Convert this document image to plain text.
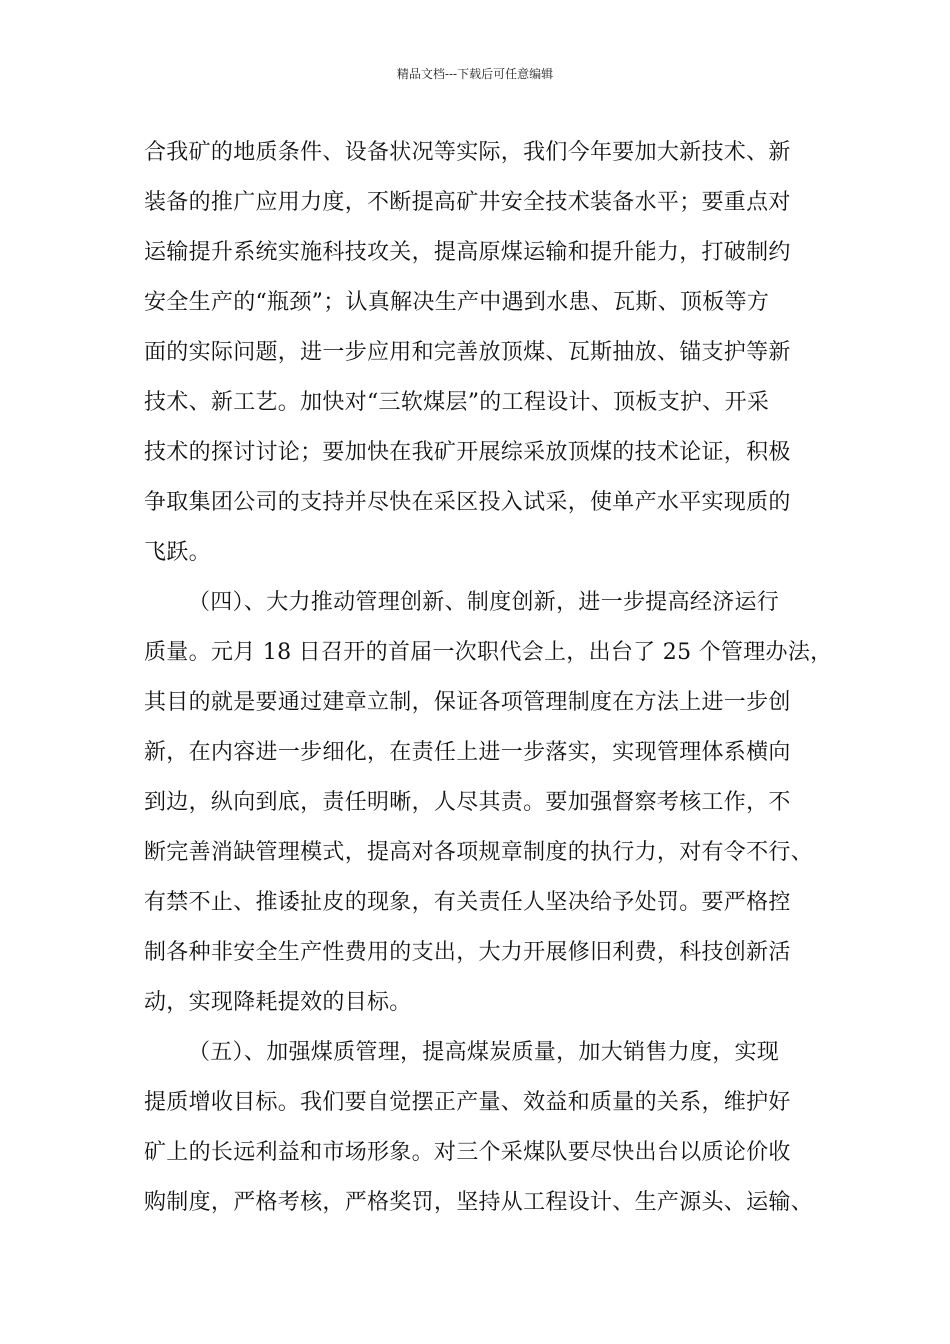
精品文档---下载后可任意编辑
合我矿的地质条件、设备状况等实际，我们今年要加大新技术、新
装备的推广应用力度，不断提高矿井安全技术装备水平；要重点对
运输提升系统实施科技攻关，提高原煤运输和提升能力，打破制约
安全生产的“瓶颈”；认真解决生产中遇到水患、瓦斯、顶板等方
面的实际问题，进一步应用和完善放顶煤、瓦斯抽放、锚支护等新
技术、新工艺。加快对“三软煤层”的工程设计、顶板支护、开采
技术的探讨讨论；要加快在我矿开展综采放顶煤的技术论证，积极
争取集团公司的支持并尽快在采区投入试采，使单产水平实现质的
飞跃。
（四）、大力推动管理创新、制度创新，进一步提高经济运行
质量。元月 18 日召开的首届一次职代会上，出台了 25 个管理办法，
其目的就是要通过建章立制，保证各项管理制度在方法上进一步创
新，在内容进一步细化，在责任上进一步落实，实现管理体系横向
到边，纵向到底，责任明晰，人尽其责。要加强督察考核工作，不
断完善消缺管理模式，提高对各项规章制度的执行力，对有令不行、
有禁不止、推诿扯皮的现象，有关责任人坚决给予处罚。要严格控
制各种非安全生产性费用的支出，大力开展修旧利费，科技创新活
动，实现降耗提效的目标。
（五）、加强煤质管理，提高煤炭质量，加大销售力度，实现
提质增收目标。我们要自觉摆正产量、效益和质量的关系，维护好
矿上的长远利益和市场形象。对三个采煤队要尽快出台以质论价收
购制度，严格考核，严格奖罚，坚持从工程设计、生产源头、运输、
